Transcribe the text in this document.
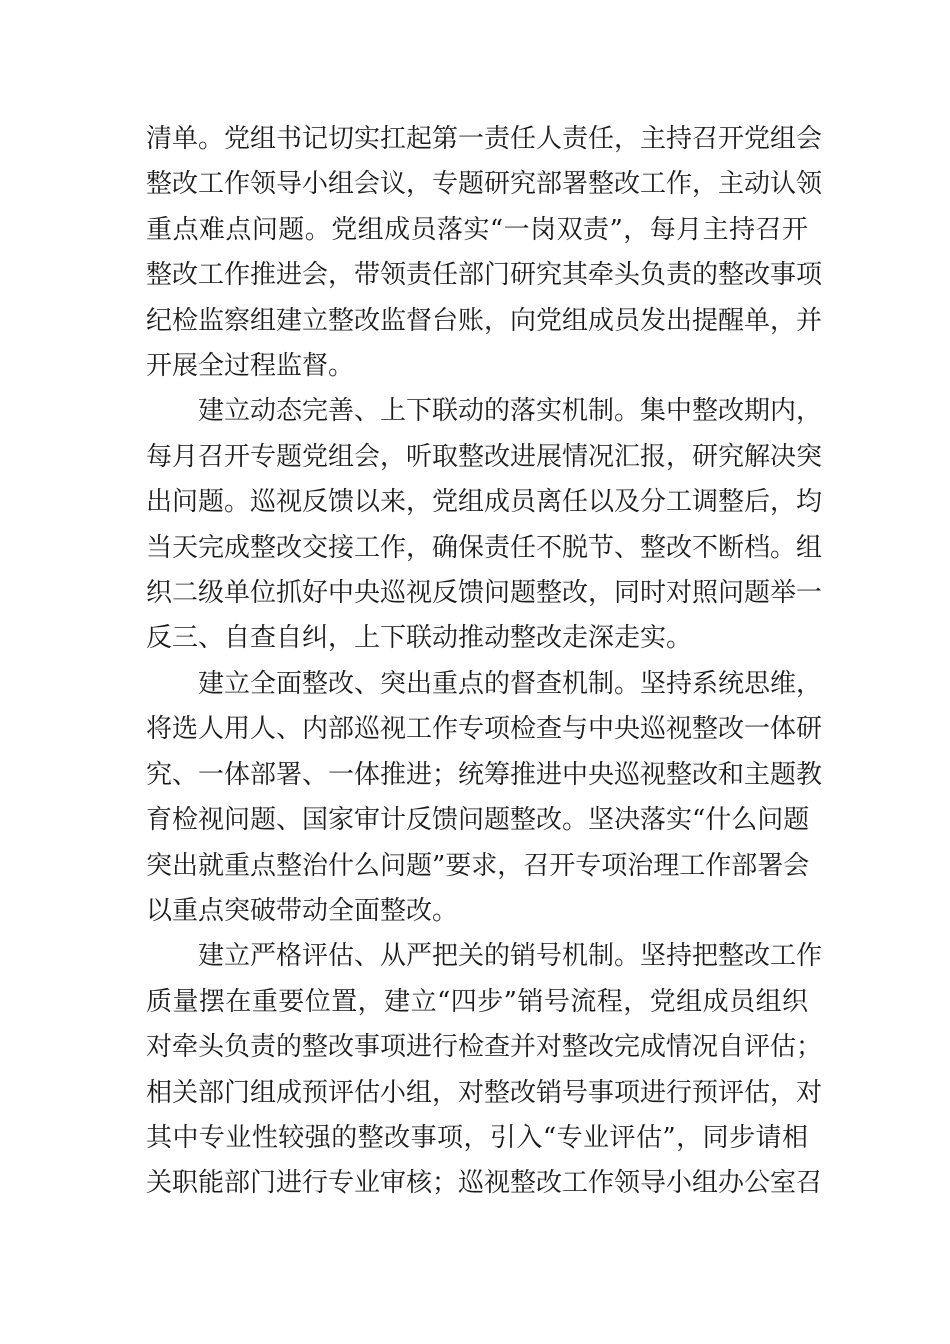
清单。党组书记切实扛起第一责任人责任，主持召开党组会
整改工作领导小组会议，专题研究部署整改工作，主动认领
重点难点问题。党组成员落实“一岗双责”，每月主持召开
整改工作推进会，带领责任部门研究其牵头负责的整改事项
纪检监察组建立整改监督台账，向党组成员发出提醒单，并
开展全过程监督。
建立动态完善、上下联动的落实机制。集中整改期内，
每月召开专题党组会，听取整改进展情况汇报，研究解决突
出问题。巡视反馈以来，党组成员离任以及分工调整后，均
当天完成整改交接工作，确保责任不脱节、整改不断档。组
织二级单位抓好中央巡视反馈问题整改，同时对照问题举一
反三、自查自纠，上下联动推动整改走深走实。
建立全面整改、突出重点的督查机制。坚持系统思维，
将选人用人、内部巡视工作专项检查与中央巡视整改一体研
究、一体部署、一体推进；统筹推进中央巡视整改和主题教
育检视问题、国家审计反馈问题整改。坚决落实“什么问题
突出就重点整治什么问题”要求，召开专项治理工作部署会
以重点突破带动全面整改。
建立严格评估、从严把关的销号机制。坚持把整改工作
质量摆在重要位置，建立“四步”销号流程，党组成员组织
对牵头负责的整改事项进行检查并对整改完成情况自评估；
相关部门组成预评估小组，对整改销号事项进行预评估，对
其中专业性较强的整改事项，引入“专业评估”，同步请相
关职能部门进行专业审核；巡视整改工作领导小组办公室召
